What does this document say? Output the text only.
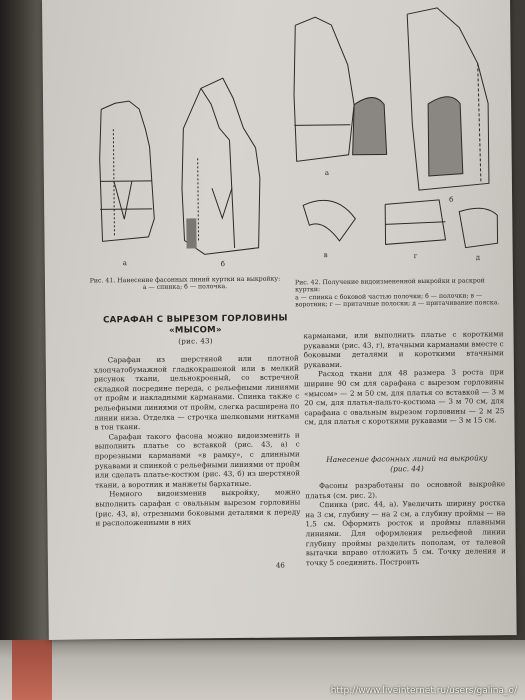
а	б
Рис. 41. Нанесение фасонных линий куртки на выкройку:
а — спинка; б — полочка.
а
б
в	г	д
Рис. 42. Получение видоизмененной выкройки и раскрой куртки:
а — спинка с боковой частью полочки; б — полочки; в — воротник; г — притачные полоски; д — притачивание пояска.
САРАФАН С ВЫРЕЗОМ ГОРЛОВИНЫ «МЫСОМ»
(рис. 43)

Сарафан из шерстяной или плотной хлопчатобумажной гладкокрашеной или в мелкий рисунок ткани, цельнокроеный, со встречной складкой посредине переда, с рельефными линиями от пройм и накладными карманами. Спинка также с рельефными линиями от пройм, слегка расширена по линии низа. Отделка — строчка шелковыми нитками в тон ткани.

Сарафан такого фасона можно видоизменить и выполнить платье со вставкой (рис. 43, а) с прорезными карманами «в рамку», с длинными рукавами и спинкой с рельефными линиями от пройм или сделать платье-костюм (рис. 43, б) из шерстяной ткани, а воротник и манжеты бархатные.

Немного видоизменив выкройку, можно выполнить сарафан с овальным вырезом горловины (рис. 43, в), отрезными боковыми деталями к переду и расположенными в них

карманами, или выполнить платье с короткими рукавами (рис. 43, г), втачными карманами вместе с боковыми деталями и короткими втачными рукавами.

Расход ткани для 48 размера 3 роста при ширине 90 см для сарафана с вырезом горловины «мысом» — 2 м 50 см, для платья со вставкой — 3 м 20 см, для платья-пальто-костюма — 3 м 70 см, для сарафана с овальным вырезом горловины — 2 м 25 см, для платья с короткими рукавами — 3 м 15 см.

Нанесение фасонных линий на выкройку (рис. 44)

Фасоны разработаны по основной выкройке платья (см. рис. 2).

Спинка (рис. 44, а). Увеличить ширину ростка на 3 см, глубину — на 2 см, а глубину проймы — на 1,5 см. Оформить росток и проймы плавными линиями. Для оформления рельефной линии глубину проймы разделить пополам, от талевой вытачки вправо отложить 5 см. Точку деления и точку 5 соединить. Построить

46
http://www.liveinternet.ru/users/galina_o/
